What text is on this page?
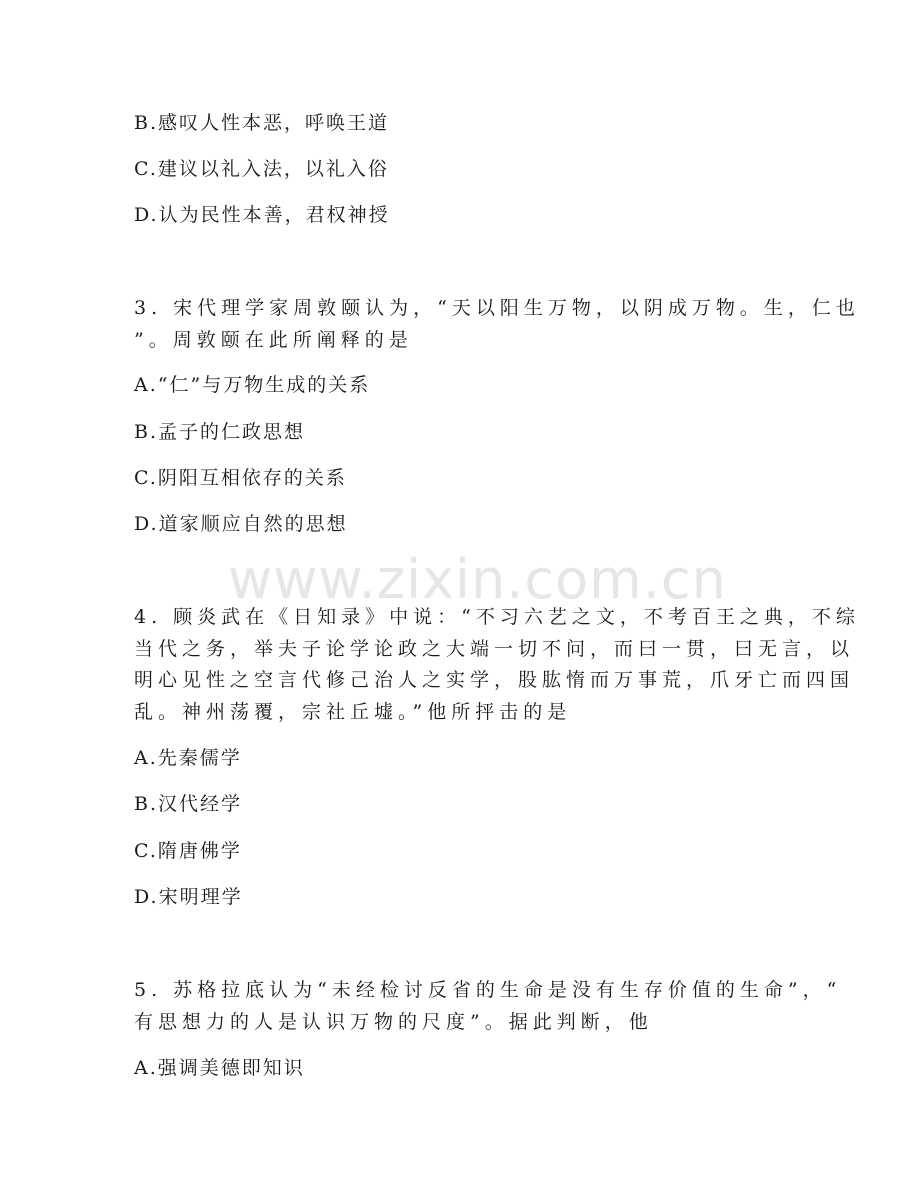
www.zixin.com.cn
B.感叹人性本恶，呼唤王道
C.建议以礼入法，以礼入俗
D.认为民性本善，君权神授
3. 宋代理学家周敦颐认为，“天以阳生万物，以阴成万物。生，仁也
”。周敦颐在此所阐释的是
A.“仁”与万物生成的关系
B.孟子的仁政思想
C.阴阳互相依存的关系
D.道家顺应自然的思想
4. 顾炎武在《日知录》中说：“不习六艺之文，不考百王之典，不综
当代之务，举夫子论学论政之大端一切不问，而曰一贯，曰无言，以
明心见性之空言代修己治人之实学，股肱惰而万事荒，爪牙亡而四国
乱。神州荡覆，宗社丘墟。”他所抨击的是
A.先秦儒学
B.汉代经学
C.隋唐佛学
D.宋明理学
5. 苏格拉底认为“未经检讨反省的生命是没有生存价值的生命”，“
有思想力的人是认识万物的尺度”。据此判断，他
A.强调美德即知识
